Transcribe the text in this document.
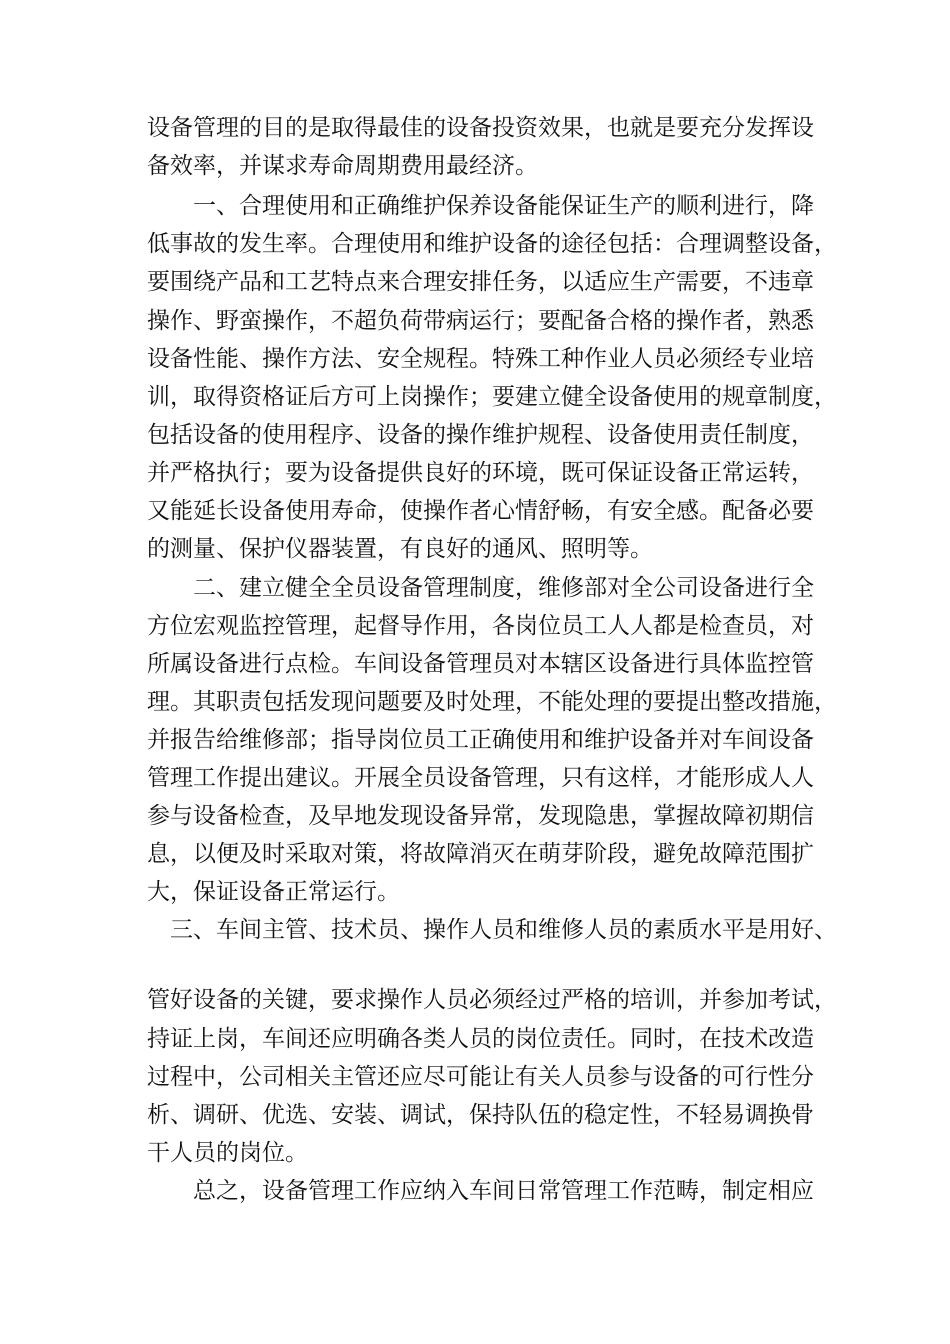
设备管理的目的是取得最佳的设备投资效果，也就是要充分发挥设

备效率，并谋求寿命周期费用最经济。

　　一、合理使用和正确维护保养设备能保证生产的顺利进行，降

低事故的发生率。合理使用和维护设备的途径包括：合理调整设备，

要围绕产品和工艺特点来合理安排任务，以适应生产需要，不违章

操作、野蛮操作，不超负荷带病运行；要配备合格的操作者，熟悉

设备性能、操作方法、安全规程。特殊工种作业人员必须经专业培

训，取得资格证后方可上岗操作；要建立健全设备使用的规章制度，

包括设备的使用程序、设备的操作维护规程、设备使用责任制度，

并严格执行；要为设备提供良好的环境，既可保证设备正常运转，

又能延长设备使用寿命，使操作者心情舒畅，有安全感。配备必要

的测量、保护仪器装置，有良好的通风、照明等。

　　二、建立健全全员设备管理制度，维修部对全公司设备进行全

方位宏观监控管理，起督导作用，各岗位员工人人都是检查员，对

所属设备进行点检。车间设备管理员对本辖区设备进行具体监控管

理。其职责包括发现问题要及时处理，不能处理的要提出整改措施，

并报告给维修部；指导岗位员工正确使用和维护设备并对车间设备

管理工作提出建议。开展全员设备管理，只有这样，才能形成人人

参与设备检查，及早地发现设备异常，发现隐患，掌握故障初期信

息，以便及时采取对策，将故障消灭在萌芽阶段，避免故障范围扩

大，保证设备正常运行。

　三、车间主管、技术员、操作人员和维修人员的素质水平是用好、

管好设备的关键，要求操作人员必须经过严格的培训，并参加考试，

持证上岗，车间还应明确各类人员的岗位责任。同时，在技术改造

过程中，公司相关主管还应尽可能让有关人员参与设备的可行性分

析、调研、优选、安装、调试，保持队伍的稳定性，不轻易调换骨

干人员的岗位。

　　总之，设备管理工作应纳入车间日常管理工作范畴，制定相应
